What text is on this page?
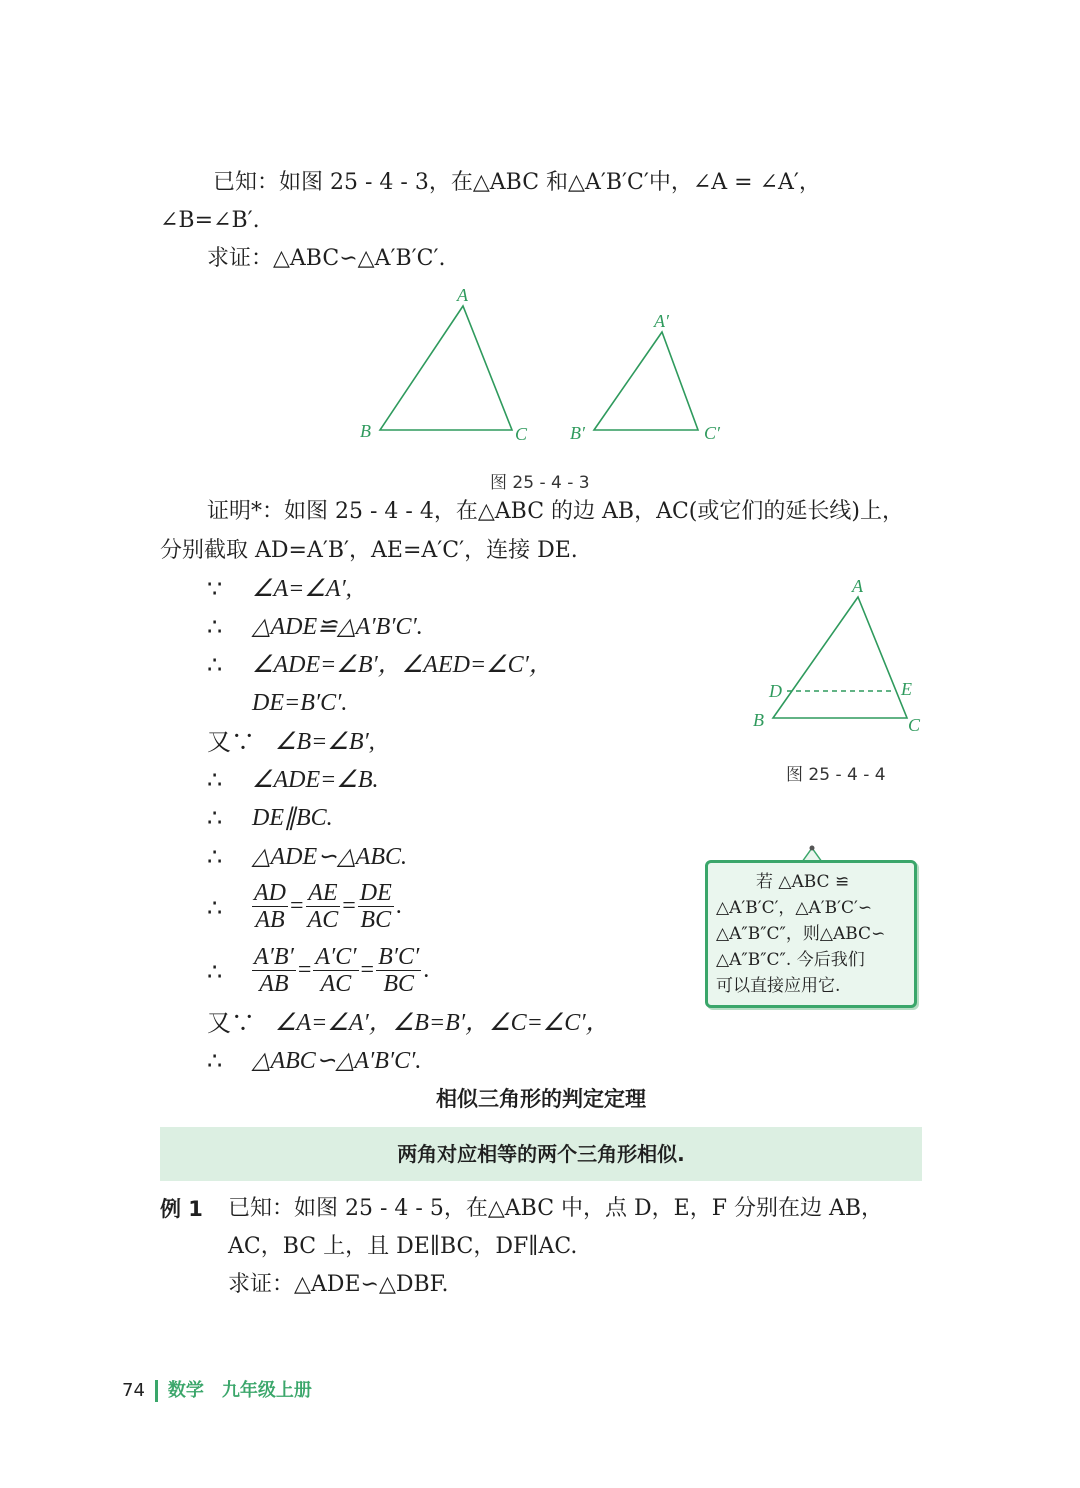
已知：如图 25 - 4 - 3，在△ABC 和△A′B′C′中，∠A = ∠A′，
∠B=∠B′.
求证：△ABC∽△A′B′C′.
A
B	C
A′
B′	C′
图 25 - 4 - 3
证明*：如图 25 - 4 - 4，在△ABC 的边 AB，AC(或它们的延长线)上，
分别截取 AD=A′B′，AE=A′C′，连接 DE.
∵ ∠A=∠A′,
∴ △ADE≌△A′B′C′.
∴ ∠ADE=∠B′，∠AED=∠C′，
DE=B′C′.
又∵ ∠B=∠B′,
∴ ∠ADE=∠B.
∴ DE∥BC.
∴ △ADE∽△ABC.
∴ $\frac{AD}{AB} = \frac{AE}{AC} = \frac{DE}{BC}$ .
∴ $\frac{A'B'}{AB} = \frac{A'C'}{AC} = \frac{B'C'}{BC}$ .
又∵ ∠A=∠A′，∠B=B′，∠C=∠C′，
∴ △ABC∽△A′B′C′.
A
B	C
D	E
图 25 - 4 - 4
若 △ABC ≌
△A′B′C′，△A′B′C′∽
△A″B″C″，则△ABC∽
△A″B″C″. 今后我们
可以直接应用它.
相似三角形的判定定理
两角对应相等的两个三角形相似.
例 1 已知：如图 25 - 4 - 5，在△ABC 中，点 D，E，F 分别在边 AB，
AC，BC 上，且 DE∥BC，DF∥AC.
求证：△ADE∽△DBF.
74 数学 九年级上册
